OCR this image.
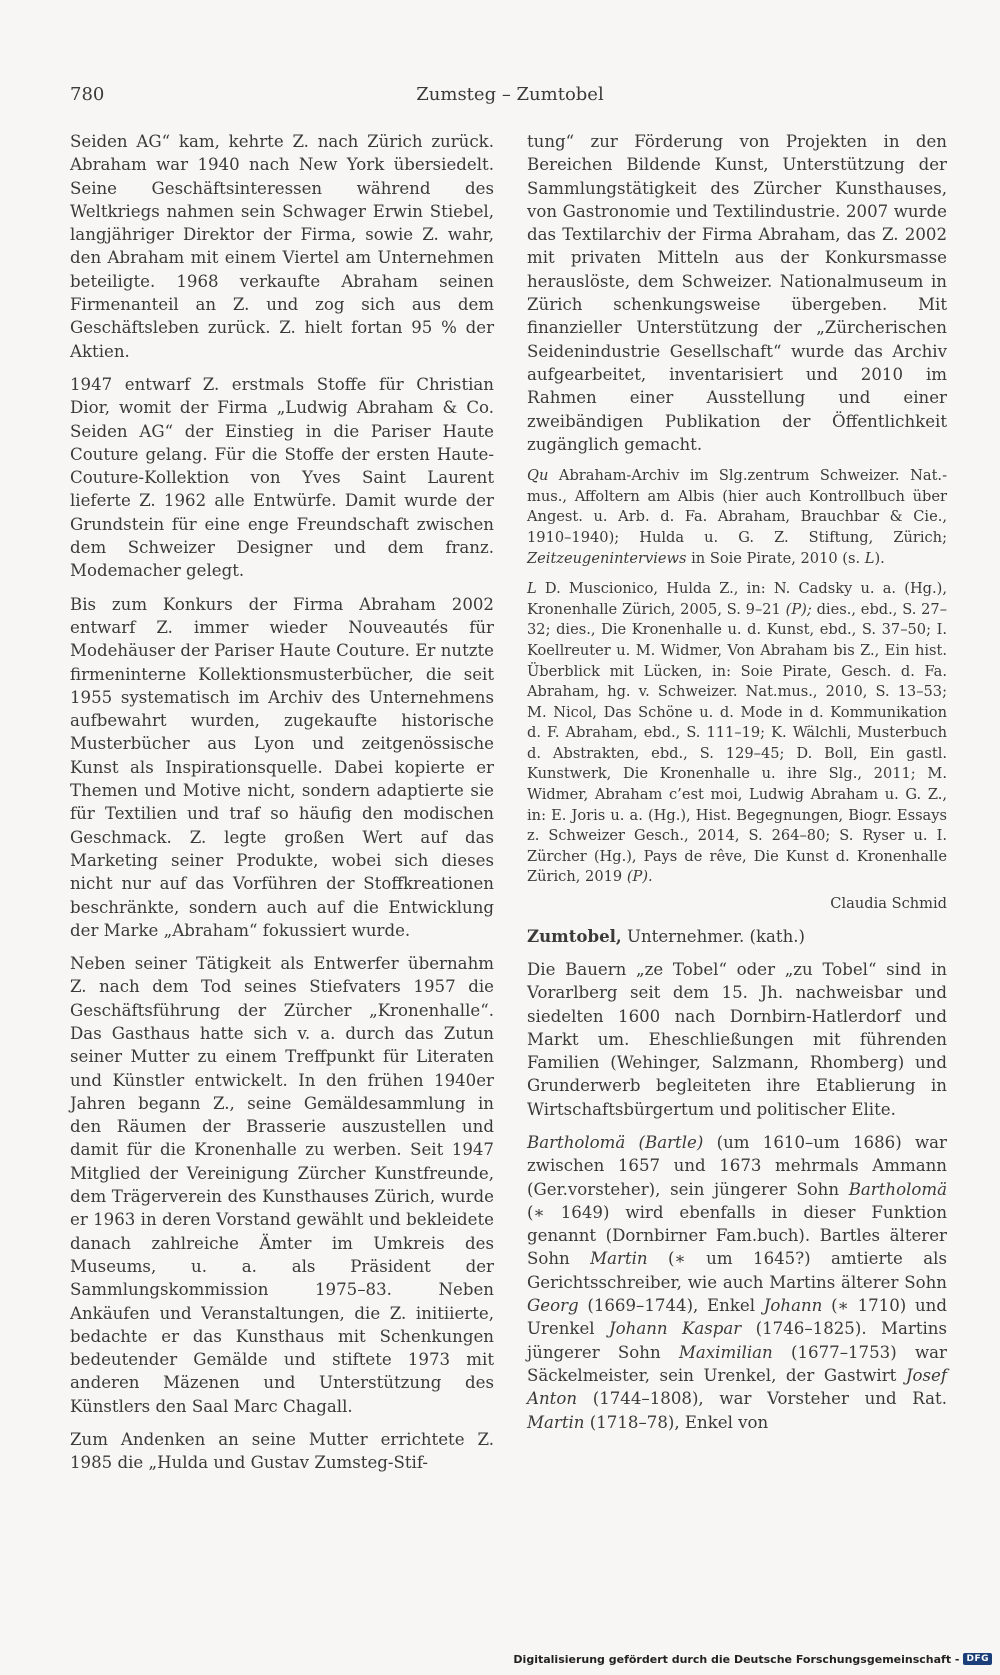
780	Zumsteg – Zumtobel

Seiden AG“ kam, kehrte Z. nach Zürich zurück. Abraham war 1940 nach New York übersiedelt. Seine Geschäftsinteressen während des Weltkriegs nahmen sein Schwager Erwin Stiebel, langjähriger Direktor der Firma, sowie Z. wahr, den Abraham mit einem Viertel am Unternehmen beteiligte. 1968 verkaufte Abraham seinen Firmenanteil an Z. und zog sich aus dem Geschäftsleben zurück. Z. hielt fortan 95 % der Aktien.

1947 entwarf Z. erstmals Stoffe für Christian Dior, womit der Firma „Ludwig Abraham & Co. Seiden AG“ der Einstieg in die Pariser Haute Couture gelang. Für die Stoffe der ersten Haute-Couture-Kollektion von Yves Saint Laurent lieferte Z. 1962 alle Entwürfe. Damit wurde der Grundstein für eine enge Freundschaft zwischen dem Schweizer Designer und dem franz. Modemacher gelegt.

Bis zum Konkurs der Firma Abraham 2002 entwarf Z. immer wieder Nouveautés für Modehäuser der Pariser Haute Couture. Er nutzte firmeninterne Kollektionsmusterbücher, die seit 1955 systematisch im Archiv des Unternehmens aufbewahrt wurden, zugekaufte historische Musterbücher aus Lyon und zeitgenössische Kunst als Inspirationsquelle. Dabei kopierte er Themen und Motive nicht, sondern adaptierte sie für Textilien und traf so häufig den modischen Geschmack. Z. legte großen Wert auf das Marketing seiner Produkte, wobei sich dieses nicht nur auf das Vorführen der Stoffkreationen beschränkte, sondern auch auf die Entwicklung der Marke „Abraham“ fokussiert wurde.

Neben seiner Tätigkeit als Entwerfer übernahm Z. nach dem Tod seines Stiefvaters 1957 die Geschäftsführung der Zürcher „Kronenhalle“. Das Gasthaus hatte sich v. a. durch das Zutun seiner Mutter zu einem Treffpunkt für Literaten und Künstler entwickelt. In den frühen 1940er Jahren begann Z., seine Gemäldesammlung in den Räumen der Brasserie auszustellen und damit für die Kronenhalle zu werben. Seit 1947 Mitglied der Vereinigung Zürcher Kunstfreunde, dem Trägerverein des Kunsthauses Zürich, wurde er 1963 in deren Vorstand gewählt und bekleidete danach zahlreiche Ämter im Umkreis des Museums, u. a. als Präsident der Sammlungskommission 1975–83. Neben Ankäufen und Veranstaltungen, die Z. initiierte, bedachte er das Kunsthaus mit Schenkungen bedeutender Gemälde und stiftete 1973 mit anderen Mäzenen und Unterstützung des Künstlers den Saal Marc Chagall.

Zum Andenken an seine Mutter errichtete Z. 1985 die „Hulda und Gustav Zumsteg-Stif-

tung“ zur Förderung von Projekten in den Bereichen Bildende Kunst, Unterstützung der Sammlungstätigkeit des Zürcher Kunsthauses, von Gastronomie und Textilindustrie. 2007 wurde das Textilarchiv der Firma Abraham, das Z. 2002 mit privaten Mitteln aus der Konkursmasse herauslöste, dem Schweizer. Nationalmuseum in Zürich schenkungsweise übergeben. Mit finanzieller Unterstützung der „Zürcherischen Seidenindustrie Gesellschaft“ wurde das Archiv aufgearbeitet, inventarisiert und 2010 im Rahmen einer Ausstellung und einer zweibändigen Publikation der Öffentlichkeit zugänglich gemacht.

Qu Abraham-Archiv im Slg.zentrum Schweizer. Nat.-mus., Affoltern am Albis (hier auch Kontrollbuch über Angest. u. Arb. d. Fa. Abraham, Brauchbar & Cie., 1910–1940); Hulda u. G. Z. Stiftung, Zürich; Zeitzeugeninterviews in Soie Pirate, 2010 (s. L).

L D. Muscionico, Hulda Z., in: N. Cadsky u. a. (Hg.), Kronenhalle Zürich, 2005, S. 9–21 (P); dies., ebd., S. 27–32; dies., Die Kronenhalle u. d. Kunst, ebd., S. 37–50; I. Koellreuter u. M. Widmer, Von Abraham bis Z., Ein hist. Überblick mit Lücken, in: Soie Pirate, Gesch. d. Fa. Abraham, hg. v. Schweizer. Nat.mus., 2010, S. 13–53; M. Nicol, Das Schöne u. d. Mode in d. Kommunikation d. F. Abraham, ebd., S. 111–19; K. Wälchli, Musterbuch d. Abstrakten, ebd., S. 129–45; D. Boll, Ein gastl. Kunstwerk, Die Kronenhalle u. ihre Slg., 2011; M. Widmer, Abraham c’est moi, Ludwig Abraham u. G. Z., in: E. Joris u. a. (Hg.), Hist. Begegnungen, Biogr. Essays z. Schweizer Gesch., 2014, S. 264–80; S. Ryser u. I. Zürcher (Hg.), Pays de rêve, Die Kunst d. Kronenhalle Zürich, 2019 (P).

Claudia Schmid

Zumtobel, Unternehmer. (kath.)

Die Bauern „ze Tobel“ oder „zu Tobel“ sind in Vorarlberg seit dem 15. Jh. nachweisbar und siedelten 1600 nach Dornbirn-Hatlerdorf und Markt um. Eheschließungen mit führenden Familien (Wehinger, Salzmann, Rhomberg) und Grunderwerb begleiteten ihre Etablierung in Wirtschaftsbürgertum und politischer Elite.

Bartholomä (Bartle) (um 1610–um 1686) war zwischen 1657 und 1673 mehrmals Ammann (Ger.vorsteher), sein jüngerer Sohn Bartholomä (∗ 1649) wird ebenfalls in dieser Funktion genannt (Dornbirner Fam.buch). Bartles älterer Sohn Martin (∗ um 1645?) amtierte als Gerichtsschreiber, wie auch Martins älterer Sohn Georg (1669–1744), Enkel Johann (∗ 1710) und Urenkel Johann Kaspar (1746–1825). Martins jüngerer Sohn Maximilian (1677–1753) war Säckelmeister, sein Urenkel, der Gastwirt Josef Anton (1744–1808), war Vorsteher und Rat. Martin (1718–78), Enkel von

Digitalisierung gefördert durch die Deutsche Forschungsgemeinschaft - DFG
